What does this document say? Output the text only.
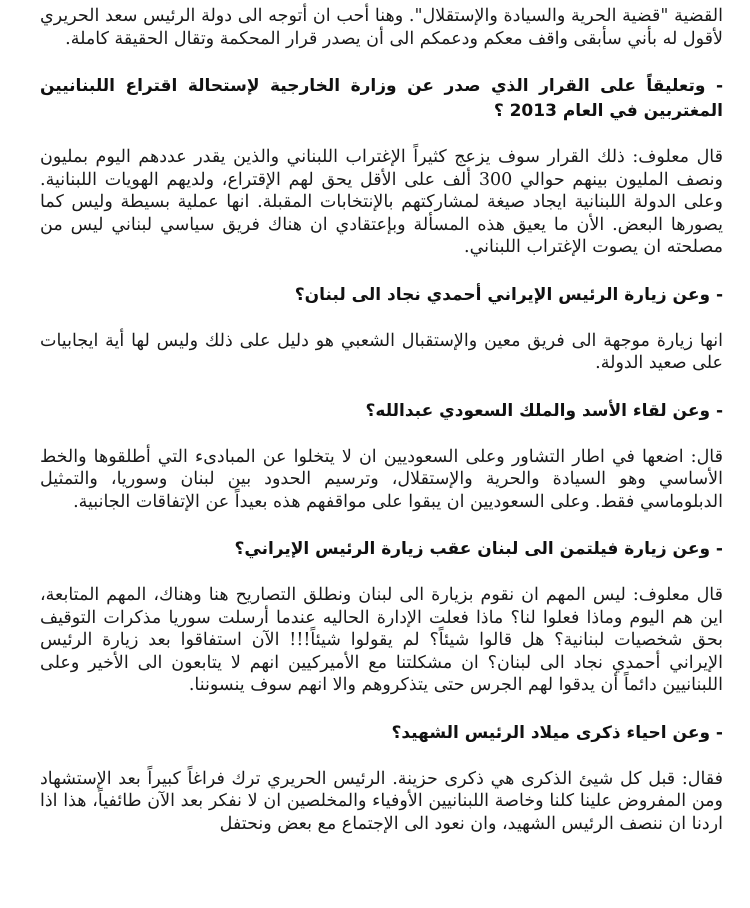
القضية "قضية الحرية والسيادة والإستقلال". وهنا أحب ان أتوجه الى دولة الرئيس سعد الحريري لأقول له بأني سأبقى واقف معكم ودعمكم الى أن يصدر قرار المحكمة وتقال الحقيقة كاملة.

- وتعليقاً على القرار الذي صدر عن وزارة الخارجية لإستحالة اقتراع اللبنانيين المغتربين في العام 2013 ؟

قال معلوف: ذلك القرار سوف يزعج كثيراً الإغتراب اللبناني والذين يقدر عددهم اليوم بمليون ونصف المليون بينهم حوالي 300 ألف على الأقل يحق لهم الإقتراع، ولديهم الهويات اللبنانية. وعلى الدولة اللبنانية ايجاد صيغة لمشاركتهم بالإنتخابات المقبلة. انها عملية بسيطة وليس كما يصورها البعض. الأن ما يعيق هذه المسألة وبإعتقادي ان هناك فريق سياسي لبناني ليس من مصلحته ان يصوت الإغتراب اللبناني.

- وعن زيارة الرئيس الإيراني أحمدي نجاد الى لبنان؟

انها زيارة موجهة الى فريق معين والإستقبال الشعبي هو دليل على ذلك وليس لها أية ايجابيات على صعيد الدولة.

- وعن لقاء الأسد والملك السعودي عبدالله؟

قال: اضعها في اطار التشاور وعلى السعوديين ان لا يتخلوا عن المبادىء التي أطلقوها والخط الأساسي وهو السيادة والحرية والإستقلال، وترسيم الحدود بين لبنان وسوريا، والتمثيل الدبلوماسي فقط. وعلى السعوديين ان يبقوا على مواقفهم هذه بعيداً عن الإتفاقات الجانبية.

- وعن زيارة فيلتمن الى لبنان عقب زيارة الرئيس الإيراني؟

قال معلوف: ليس المهم ان نقوم بزيارة الى لبنان ونطلق التصاريح هنا وهناك، المهم المتابعة، اين هم اليوم وماذا فعلوا لنا؟ ماذا فعلت الإدارة الحاليه عندما أرسلت سوريا مذكرات التوقيف بحق شخصيات لبنانية؟ هل قالوا شيئاً؟ لم يقولوا شيئاً!!! الآن استفاقوا بعد زيارة الرئيس الإيراني أحمدي نجاد الى لبنان؟ ان مشكلتنا مع الأميركيين انهم لا يتابعون الى الأخير وعلى اللبنانيين دائماً أن يدقوا لهم الجرس حتى يتذكروهم والا انهم سوف ينسوننا.

- وعن احياء ذكرى ميلاد الرئيس الشهيد؟

فقال: قبل كل شيئ الذكرى هي ذكرى حزينة. الرئيس الحريري ترك فراغاً كبيراً بعد الإستشهاد ومن المفروض علينا كلنا وخاصة اللبنانيين الأوفياء والمخلصين ان لا نفكر بعد الآن طائفياً، هذا اذا اردنا ان ننصف الرئيس الشهيد، وان نعود الى الإجتماع مع بعض ونحتفل
